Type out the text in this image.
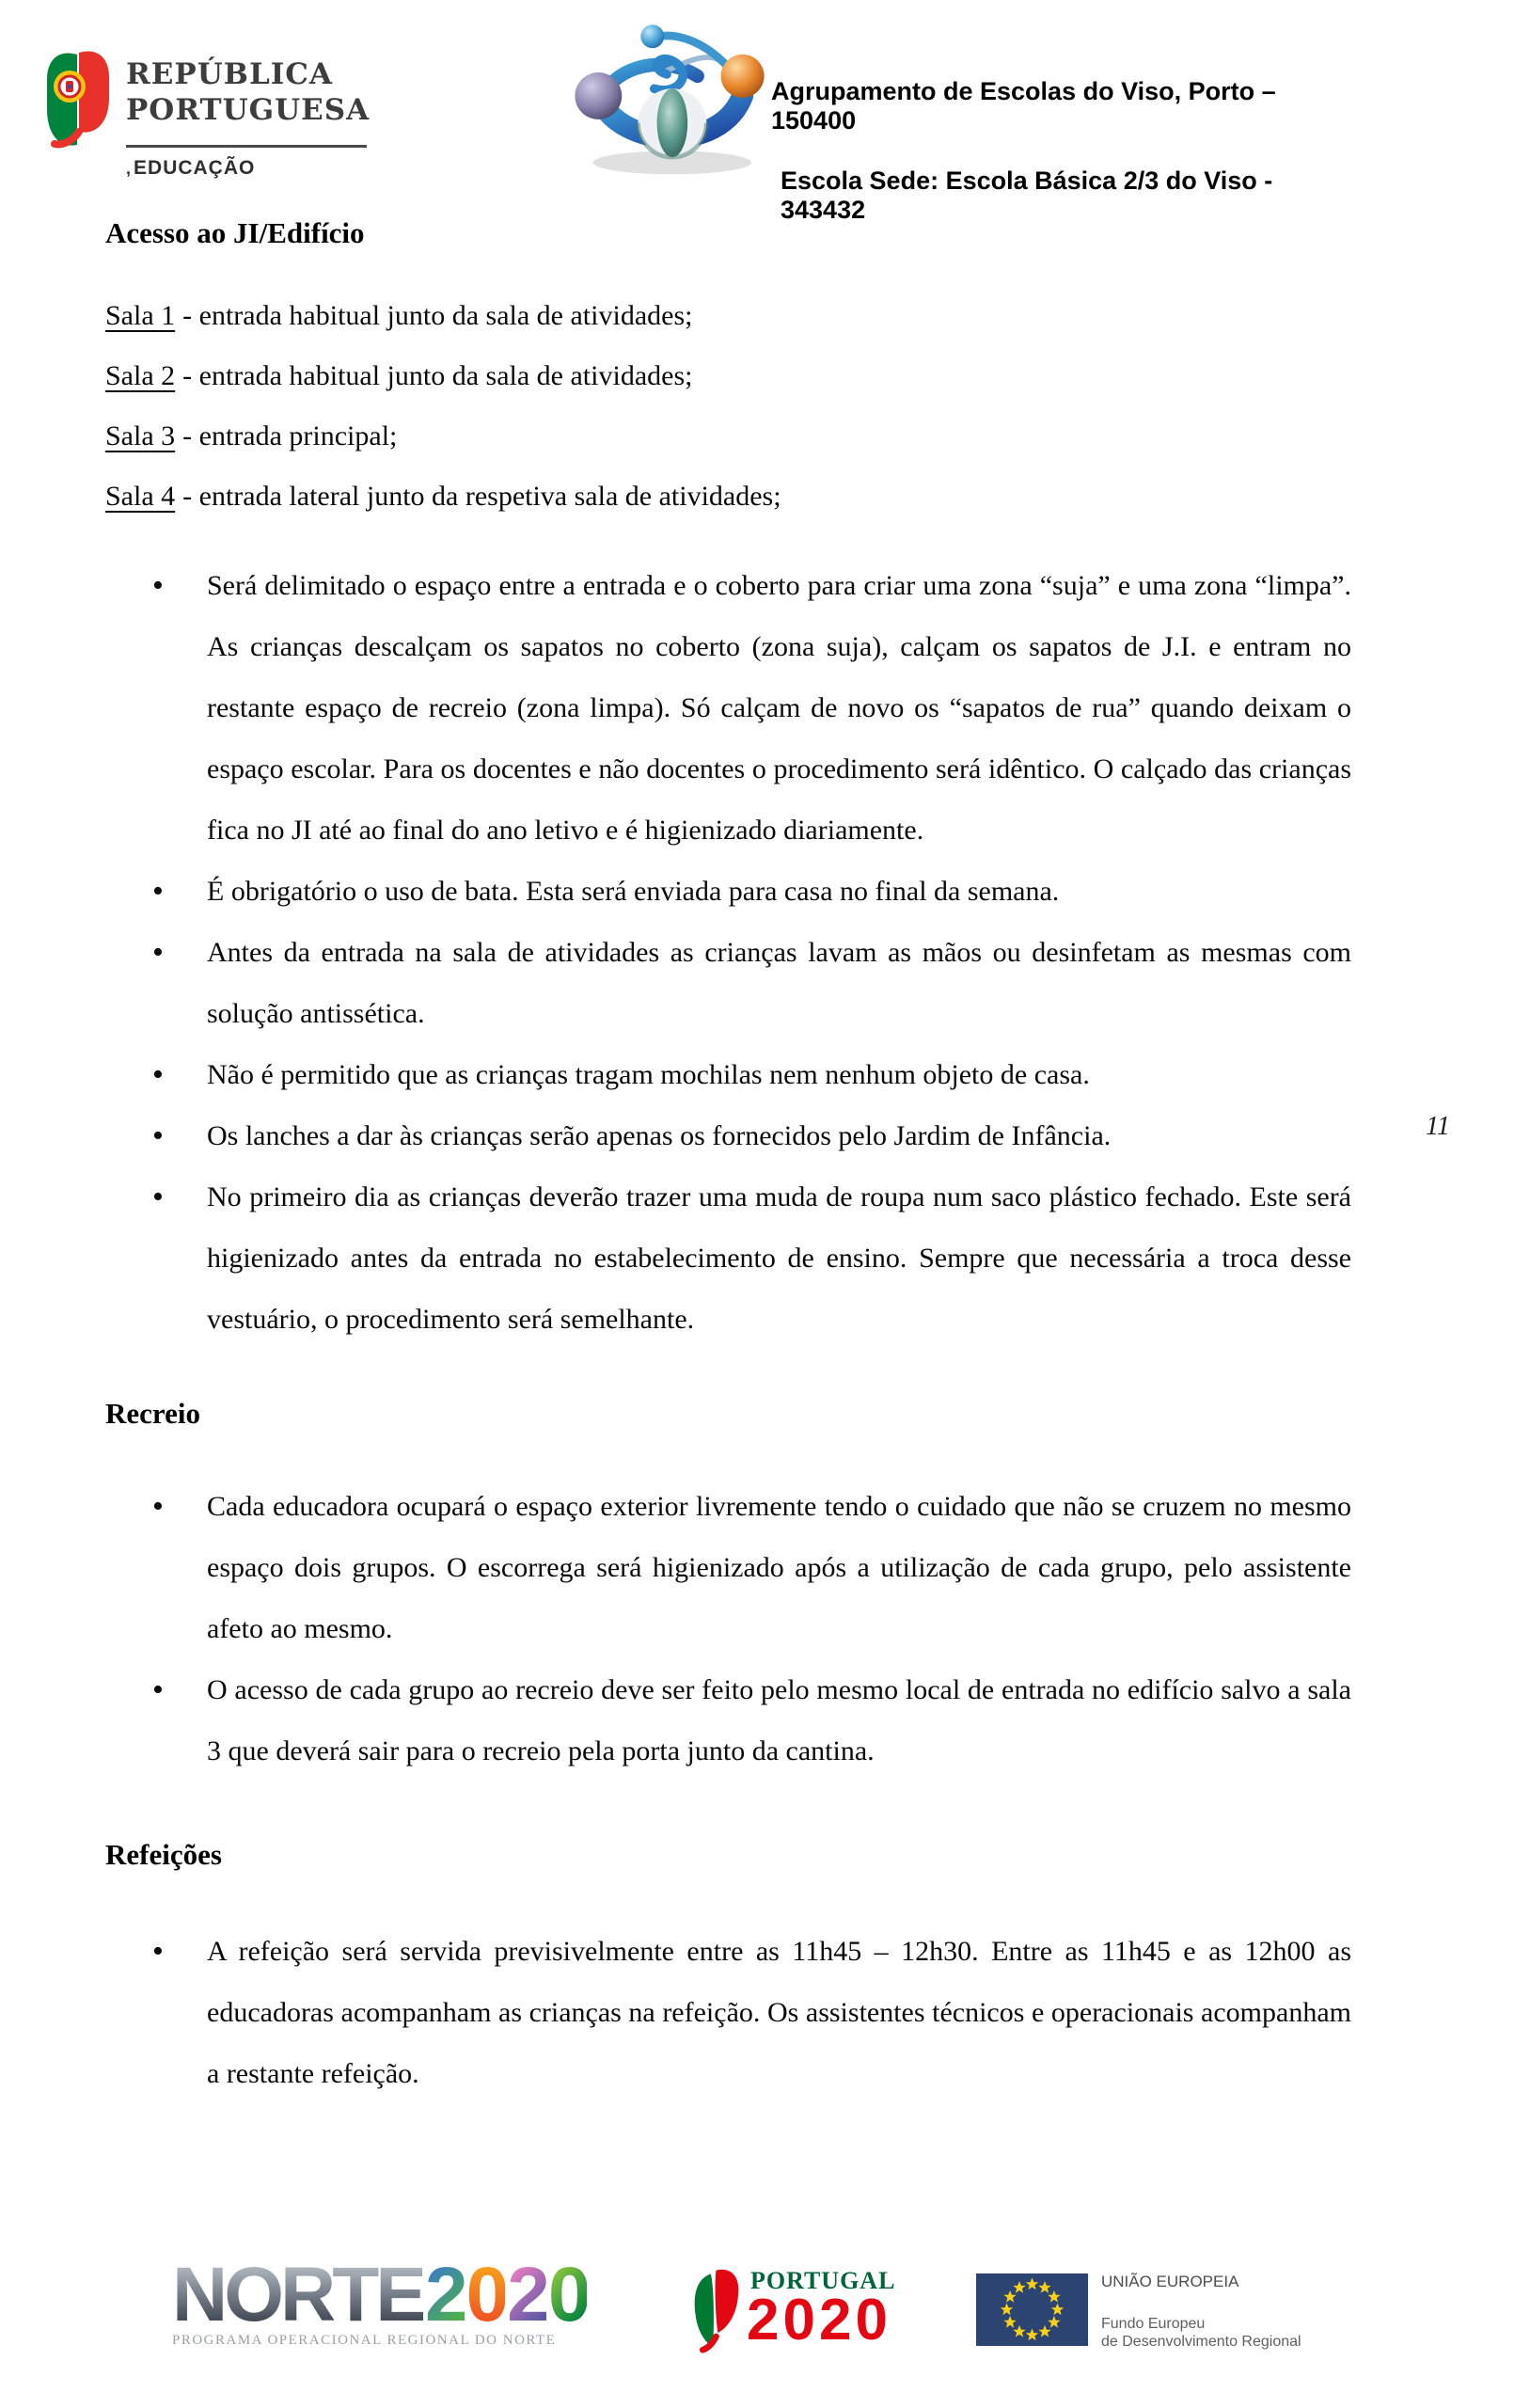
REPÚBLICA
PORTUGUESA
,EDUCAÇÃO
Agrupamento de Escolas do Viso, Porto – 150400
Escola Sede: Escola Básica 2/3 do Viso - 343432
Acesso ao JI/Edifício
Sala 1 - entrada habitual junto da sala de atividades;
Sala 2 - entrada habitual junto da sala de atividades;
Sala 3 - entrada principal;
Sala 4 - entrada lateral junto da respetiva sala de atividades;
• Será delimitado o espaço entre a entrada e o coberto para criar uma zona “suja” e uma zona “limpa”. As crianças descalçam os sapatos no coberto (zona suja), calçam os sapatos de J.I. e entram no restante espaço de recreio (zona limpa). Só calçam de novo os “sapatos de rua” quando deixam o espaço escolar. Para os docentes e não docentes o procedimento será idêntico. O calçado das crianças fica no JI até ao final do ano letivo e é higienizado diariamente.
• É obrigatório o uso de bata. Esta será enviada para casa no final da semana.
• Antes da entrada na sala de atividades as crianças lavam as mãos ou desinfetam as mesmas com solução antissética.
• Não é permitido que as crianças tragam mochilas nem nenhum objeto de casa.
• Os lanches a dar às crianças serão apenas os fornecidos pelo Jardim de Infância.
• No primeiro dia as crianças deverão trazer uma muda de roupa num saco plástico fechado. Este será higienizado antes da entrada no estabelecimento de ensino. Sempre que necessária a troca desse vestuário, o procedimento será semelhante.
Recreio
• Cada educadora ocupará o espaço exterior livremente tendo o cuidado que não se cruzem no mesmo espaço dois grupos. O escorrega será higienizado após a utilização de cada grupo, pelo assistente afeto ao mesmo.
• O acesso de cada grupo ao recreio deve ser feito pelo mesmo local de entrada no edifício salvo a sala 3 que deverá sair para o recreio pela porta junto da cantina.
Refeições
• A refeição será servida previsivelmente entre as 11h45 – 12h30. Entre as 11h45 e as 12h00 as educadoras acompanham as crianças na refeição. Os assistentes técnicos e operacionais acompanham a restante refeição.
11
NORTE 2 0 2 0
PROGRAMA OPERACIONAL REGIONAL DO NORTE
PORTUGAL
2020
UNIÃO EUROPEIA
Fundo Europeu
de Desenvolvimento Regional
